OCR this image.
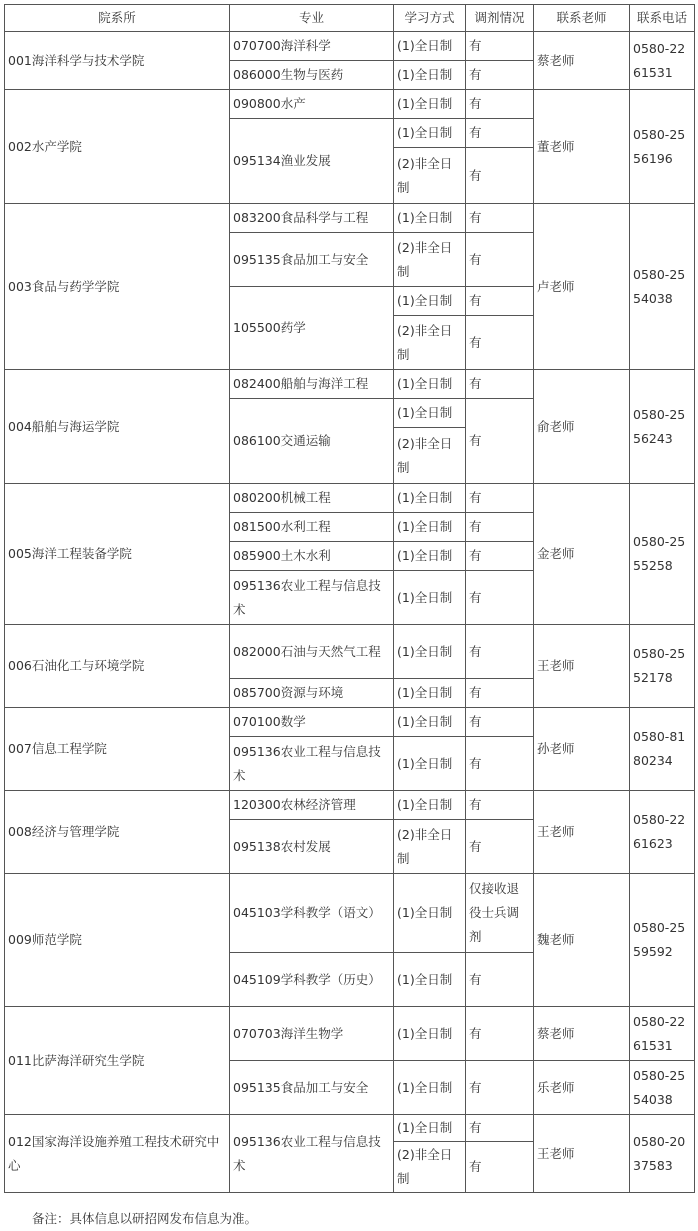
院系所	专业	学习方式	调剂情况	联系老师	联系电话
001海洋科学与技术学院	070700海洋科学	(1)全日制	有	蔡老师	0580-2261531
	086000生物与医药	(1)全日制	有		
002水产学院	090800水产	(1)全日制	有	董老师	0580-2556196
	095134渔业发展	(1)全日制	有		
		(2)非全日制	有		
003食品与药学学院	083200食品科学与工程	(1)全日制	有	卢老师	0580-2554038
	095135食品加工与安全	(2)非全日制	有		
	105500药学	(1)全日制	有		
		(2)非全日制	有		
004船舶与海运学院	082400船舶与海洋工程	(1)全日制	有	俞老师	0580-2556243
	086100交通运输	(1)全日制	有		
		(2)非全日制			
005海洋工程装备学院	080200机械工程	(1)全日制	有	金老师	0580-2555258
	081500水利工程	(1)全日制	有		
	085900土木水利	(1)全日制	有		
	095136农业工程与信息技术	(1)全日制	有		
006石油化工与环境学院	082000石油与天然气工程	(1)全日制	有	王老师	0580-2552178
	085700资源与环境	(1)全日制	有		
007信息工程学院	070100数学	(1)全日制	有	孙老师	0580-8180234
	095136农业工程与信息技术	(1)全日制	有		
008经济与管理学院	120300农林经济管理	(1)全日制	有	王老师	0580-2261623
	095138农村发展	(2)非全日制	有		
009师范学院	045103学科教学（语文）	(1)全日制	仅接收退役士兵调剂	魏老师	0580-2559592
	045109学科教学（历史）	(1)全日制	有		
011比萨海洋研究生学院	070703海洋生物学	(1)全日制	有	蔡老师	0580-2261531
	095135食品加工与安全	(1)全日制	有	乐老师	0580-2554038
012国家海洋设施养殖工程技术研究中心	095136农业工程与信息技术	(1)全日制	有	王老师	0580-2037583
		(2)非全日制	有		
备注：具体信息以研招网发布信息为准。
